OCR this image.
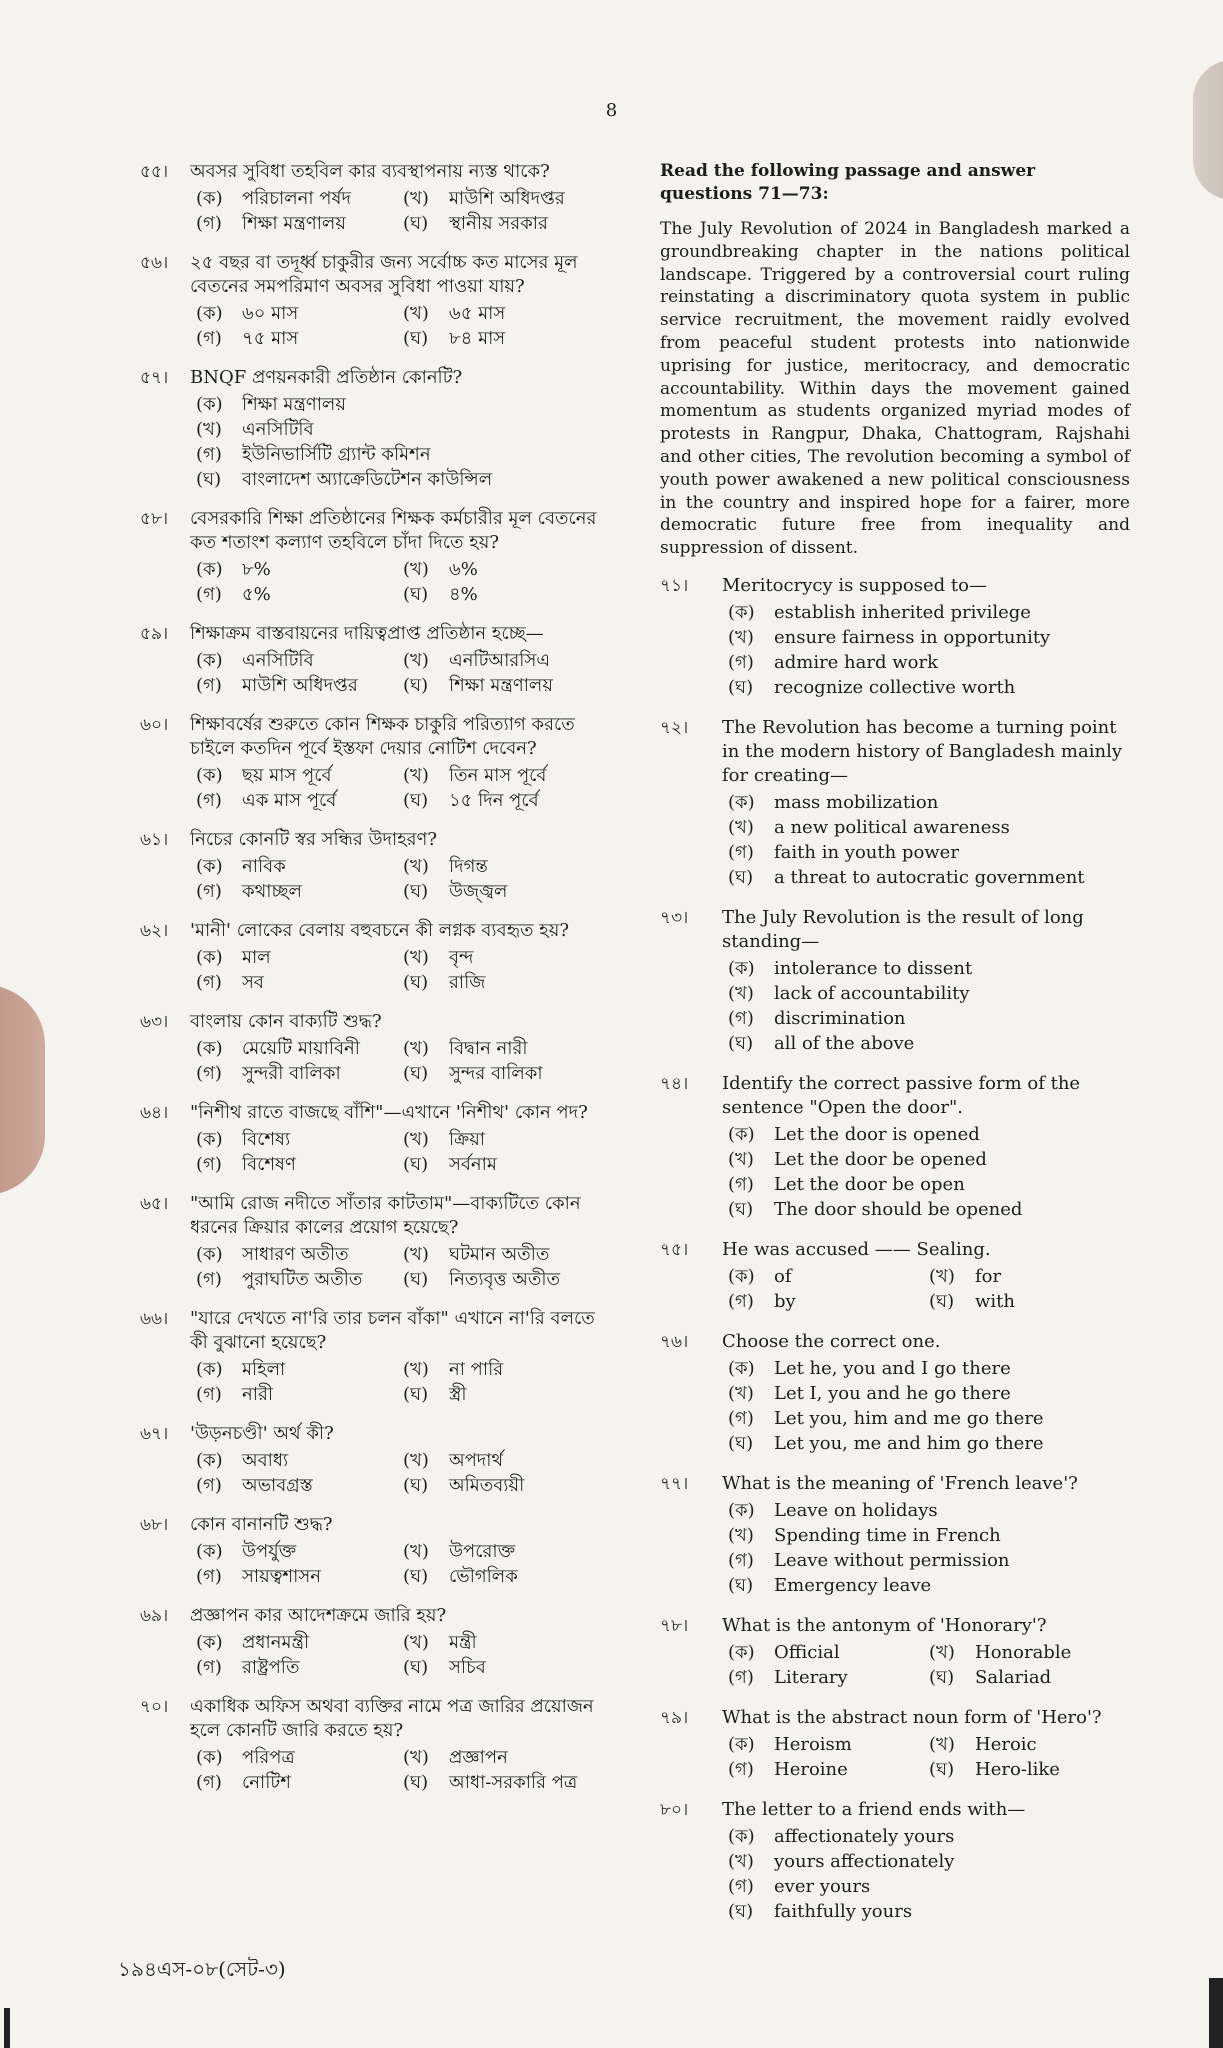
8
৫৫। অবসর সুবিধা তহবিল কার ব্যবস্থাপনায় ন্যস্ত থাকে?
(ক)	পরিচালনা পর্ষদ	(খ)	মাউশি অধিদপ্তর
(গ)	শিক্ষা মন্ত্রণালয়	(ঘ)	স্থানীয় সরকার
৫৬। ২৫ বছর বা তদূর্ধ্ব চাকুরীর জন্য সর্বোচ্চ কত মাসের মূল বেতনের সমপরিমাণ অবসর সুবিধা পাওয়া যায়?
(ক)	৬০ মাস	(খ)	৬৫ মাস
(গ)	৭৫ মাস	(ঘ)	৮৪ মাস
৫৭। BNQF প্রণয়নকারী প্রতিষ্ঠান কোনটি?
(ক)	শিক্ষা মন্ত্রণালয়
(খ)	এনসিটিবি
(গ)	ইউনিভার্সিটি গ্র্যান্ট কমিশন
(ঘ)	বাংলাদেশ অ্যাক্রেডিটেশন কাউন্সিল
৫৮। বেসরকারি শিক্ষা প্রতিষ্ঠানের শিক্ষক কর্মচারীর মূল বেতনের কত শতাংশ কল্যাণ তহবিলে চাঁদা দিতে হয়?
(ক)	৮%	(খ)	৬%
(গ)	৫%	(ঘ)	৪%
৫৯। শিক্ষাক্রম বাস্তবায়নের দায়িত্বপ্রাপ্ত প্রতিষ্ঠান হচ্ছে—
(ক)	এনসিটিবি	(খ)	এনটিআরসিএ
(গ)	মাউশি অধিদপ্তর	(ঘ)	শিক্ষা মন্ত্রণালয়
৬০। শিক্ষাবর্ষের শুরুতে কোন শিক্ষক চাকুরি পরিত্যাগ করতে চাইলে কতদিন পূর্বে ইস্তফা দেয়ার নোটিশ দেবেন?
(ক)	ছয় মাস পূর্বে	(খ)	তিন মাস পূর্বে
(গ)	এক মাস পূর্বে	(ঘ)	১৫ দিন পূর্বে
৬১। নিচের কোনটি স্বর সন্ধির উদাহরণ?
(ক)	নাবিক	(খ)	দিগন্ত
(গ)	কথাচ্ছল	(ঘ)	উজ্জ্বল
৬২। 'মানী' লোকের বেলায় বহুবচনে কী লগ্নক ব্যবহৃত হয়?
(ক)	মাল	(খ)	বৃন্দ
(গ)	সব	(ঘ)	রাজি
৬৩। বাংলায় কোন বাক্যটি শুদ্ধ?
(ক)	মেয়েটি মায়াবিনী (খ)	বিদ্বান নারী
(গ)	সুন্দরী বালিকা	(ঘ)	সুন্দর বালিকা
৬৪। "নিশীথ রাতে বাজছে বাঁশি"—এখানে 'নিশীথ' কোন পদ?
(ক)	বিশেষ্য	(খ)	ক্রিয়া
(গ)	বিশেষণ	(ঘ)	সর্বনাম
৬৫। "আমি রোজ নদীতে সাঁতার কাটতাম"—বাক্যটিতে কোন ধরনের ক্রিয়ার কালের প্রয়োগ হয়েছে?
(ক)	সাধারণ অতীত	(খ)	ঘটমান অতীত
(গ)	পুরাঘটিত অতীত (ঘ)	নিত্যবৃত্ত অতীত
৬৬। "যারে দেখতে না'রি তার চলন বাঁকা" এখানে না'রি বলতে কী বুঝানো হয়েছে?
(ক)	মহিলা	(খ)	না পারি
(গ)	নারী	(ঘ)	স্ত্রী
৬৭। 'উড়নচণ্ডী' অর্থ কী?
(ক)	অবাধ্য	(খ)	অপদার্থ
(গ)	অভাবগ্রস্ত	(ঘ)	অমিতব্যয়ী
৬৮। কোন বানানটি শুদ্ধ?
(ক)	উপর্যুক্ত	(খ)	উপরোক্ত
(গ)	সায়ত্বশাসন	(ঘ)	ভৌগলিক
৬৯। প্রজ্ঞাপন কার আদেশক্রমে জারি হয়?
(ক)	প্রধানমন্ত্রী	(খ)	মন্ত্রী
(গ)	রাষ্ট্রপতি	(ঘ)	সচিব
৭০। একাধিক অফিস অথবা ব্যক্তির নামে পত্র জারির প্রয়োজন হলে কোনটি জারি করতে হয়?
(ক)	পরিপত্র	(খ)	প্রজ্ঞাপন
(গ)	নোটিশ	(ঘ)	আধা-সরকারি পত্র
Read the following passage and answer questions 71—73:
The July Revolution of 2024 in Bangladesh marked a groundbreaking chapter in the nations political landscape. Triggered by a controversial court ruling reinstating a discriminatory quota system in public service recruitment, the movement raidly evolved from peaceful student protests into nationwide uprising for justice, meritocracy, and democratic accountability. Within days the movement gained momentum as students organized myriad modes of protests in Rangpur, Dhaka, Chattogram, Rajshahi and other cities, The revolution becoming a symbol of youth power awakened a new political consciousness in the country and inspired hope for a fairer, more democratic future free from inequality and suppression of dissent.
৭১। Meritocrycy is supposed to—
(ক)	establish inherited privilege
(খ)	ensure fairness in opportunity
(গ)	admire hard work
(ঘ)	recognize collective worth
৭২। The Revolution has become a turning point in the modern history of Bangladesh mainly for creating—
(ক)	mass mobilization
(খ)	a new political awareness
(গ)	faith in youth power
(ঘ)	a threat to autocratic government
৭৩। The July Revolution is the result of long standing—
(ক)	intolerance to dissent
(খ)	lack of accountability
(গ)	discrimination
(ঘ)	all of the above
৭৪। Identify the correct passive form of the sentence "Open the door".
(ক)	Let the door is opened
(খ)	Let the door be opened
(গ)	Let the door be open
(ঘ)	The door should be opened
৭৫। He was accused —— Sealing.
(ক)	of	(খ)	for
(গ)	by	(ঘ)	with
৭৬। Choose the correct one.
(ক)	Let he, you and I go there
(খ)	Let I, you and he go there
(গ)	Let you, him and me go there
(ঘ)	Let you, me and him go there
৭৭। What is the meaning of 'French leave'?
(ক)	Leave on holidays
(খ)	Spending time in French
(গ)	Leave without permission
(ঘ)	Emergency leave
৭৮। What is the antonym of 'Honorary'?
(ক)	Official	(খ)	Honorable
(গ)	Literary	(ঘ)	Salariad
৭৯। What is the abstract noun form of 'Hero'?
(ক)	Heroism	(খ)	Heroic
(গ)	Heroine	(ঘ)	Hero-like
৮০। The letter to a friend ends with—
(ক)	affectionately yours
(খ)	yours affectionately
(গ)	ever yours
(ঘ)	faithfully yours
১৯৪এস-০৮(সেট-৩)
